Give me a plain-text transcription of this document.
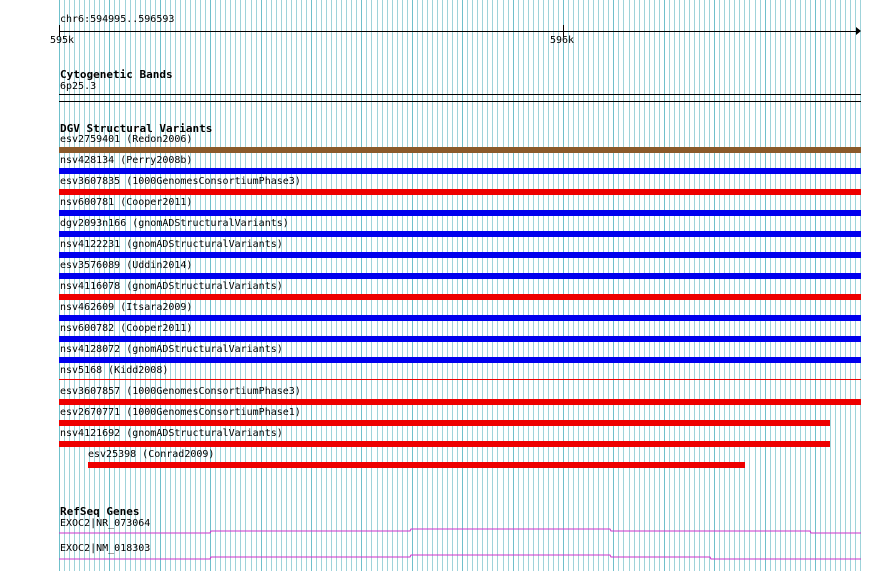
chr6:594995..596593
595k	596k
Cytogenetic Bands
6p25.3
DGV Structural Variants
esv2759401 (Redon2006)
nsv428134 (Perry2008b)
esv3607835 (1000GenomesConsortiumPhase3)
nsv600781 (Cooper2011)
dgv2093n166 (gnomADStructuralVariants)
nsv4122231 (gnomADStructuralVariants)
esv3576089 (Uddin2014)
nsv4116078 (gnomADStructuralVariants)
nsv462609 (Itsara2009)
nsv600782 (Cooper2011)
nsv4128072 (gnomADStructuralVariants)
nsv5168 (Kidd2008)
esv3607857 (1000GenomesConsortiumPhase3)
esv2670771 (1000GenomesConsortiumPhase1)
nsv4121692 (gnomADStructuralVariants)
esv25398 (Conrad2009)
RefSeq Genes
EXOC2|NR_073064
EXOC2|NM_018303
